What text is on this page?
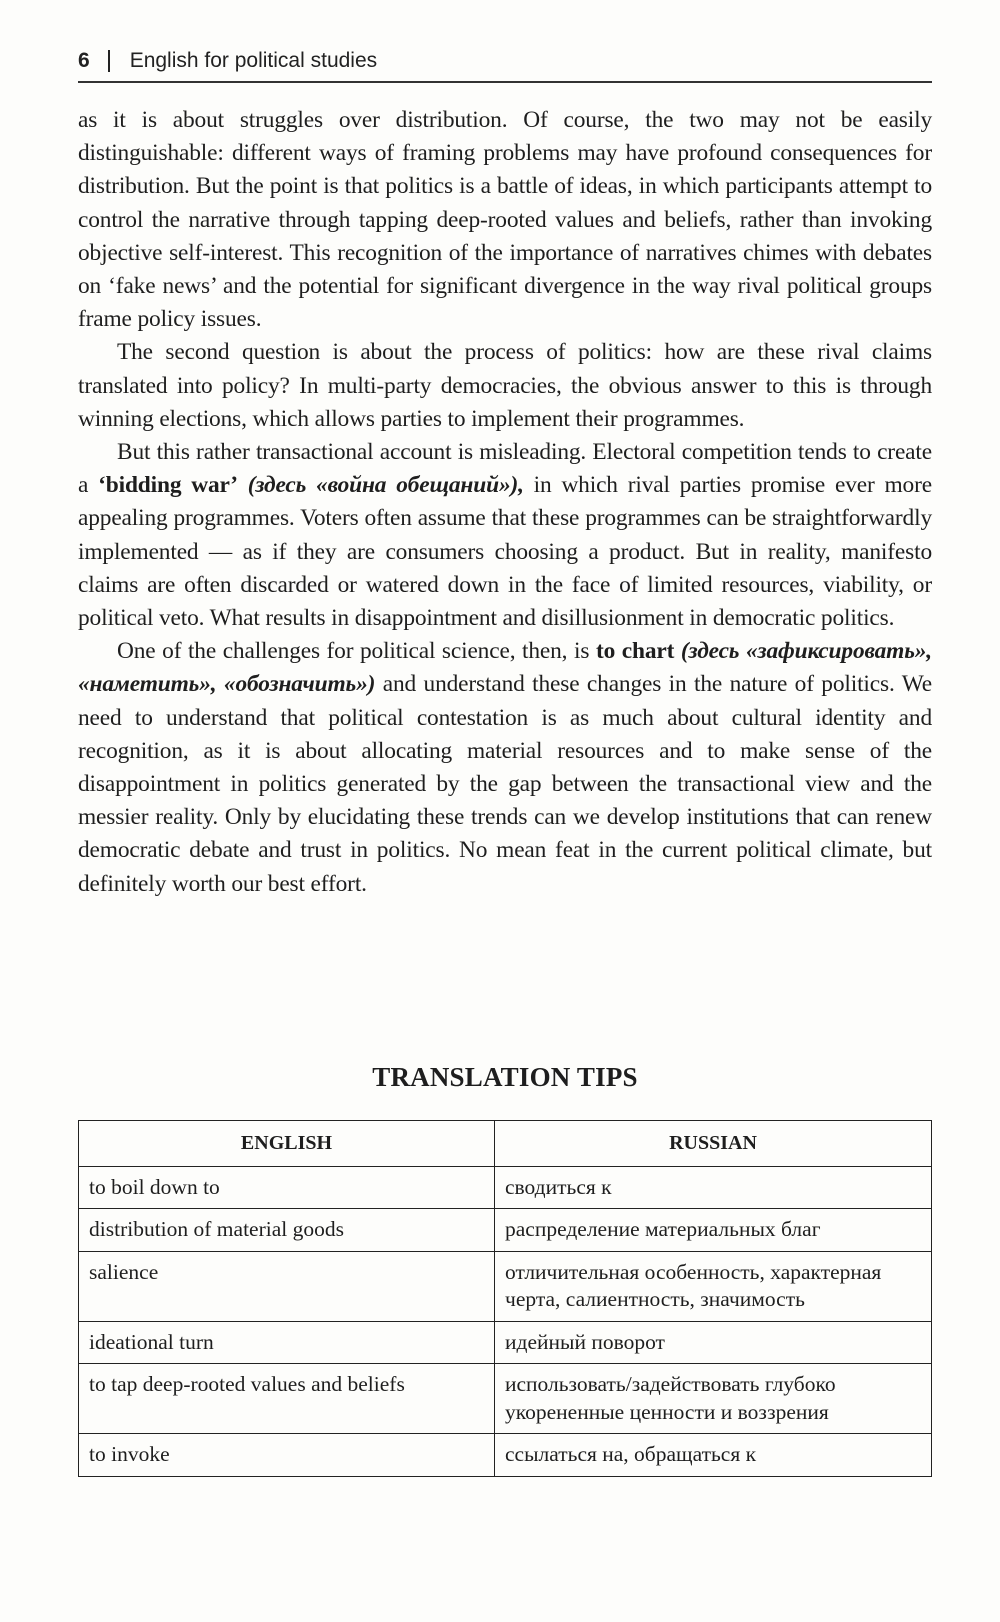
6 English for political studies

as it is about struggles over distribution. Of course, the two may not be easily distinguishable: different ways of framing problems may have profound consequences for distribution. But the point is that politics is a battle of ideas, in which participants attempt to control the narrative through tapping deep-rooted values and beliefs, rather than invoking objective self-interest. This recognition of the importance of narratives chimes with debates on ‘fake news’ and the potential for significant divergence in the way rival political groups frame policy issues.

The second question is about the process of politics: how are these rival claims translated into policy? In multi-party democracies, the obvious answer to this is through winning elections, which allows parties to implement their programmes.

But this rather transactional account is misleading. Electoral competition tends to create a ‘bidding war’ (здесь «война обещаний»), in which rival parties promise ever more appealing programmes. Voters often assume that these programmes can be straightforwardly implemented — as if they are consumers choosing a product. But in reality, manifesto claims are often discarded or watered down in the face of limited resources, viability, or political veto. What results in disappointment and disillusionment in democratic politics.

One of the challenges for political science, then, is to chart (здесь «зафиксировать», «наметить», «обозначить») and understand these changes in the nature of politics. We need to understand that political contestation is as much about cultural identity and recognition, as it is about allocating material resources and to make sense of the disappointment in politics generated by the gap between the transactional view and the messier reality. Only by elucidating these trends can we develop institutions that can renew democratic debate and trust in politics. No mean feat in the current political climate, but definitely worth our best effort.

TRANSLATION TIPS
ENGLISH	RUSSIAN
to boil down to	сводиться к
distribution of material goods	распределение материальных благ
salience	отличительная особенность, характерная черта, салиентность, значимость
ideational turn	идейный поворот
to tap deep-rooted values and beliefs	использовать/задействовать глубоко укорененные ценности и воззрения
to invoke	ссылаться на, обращаться к
